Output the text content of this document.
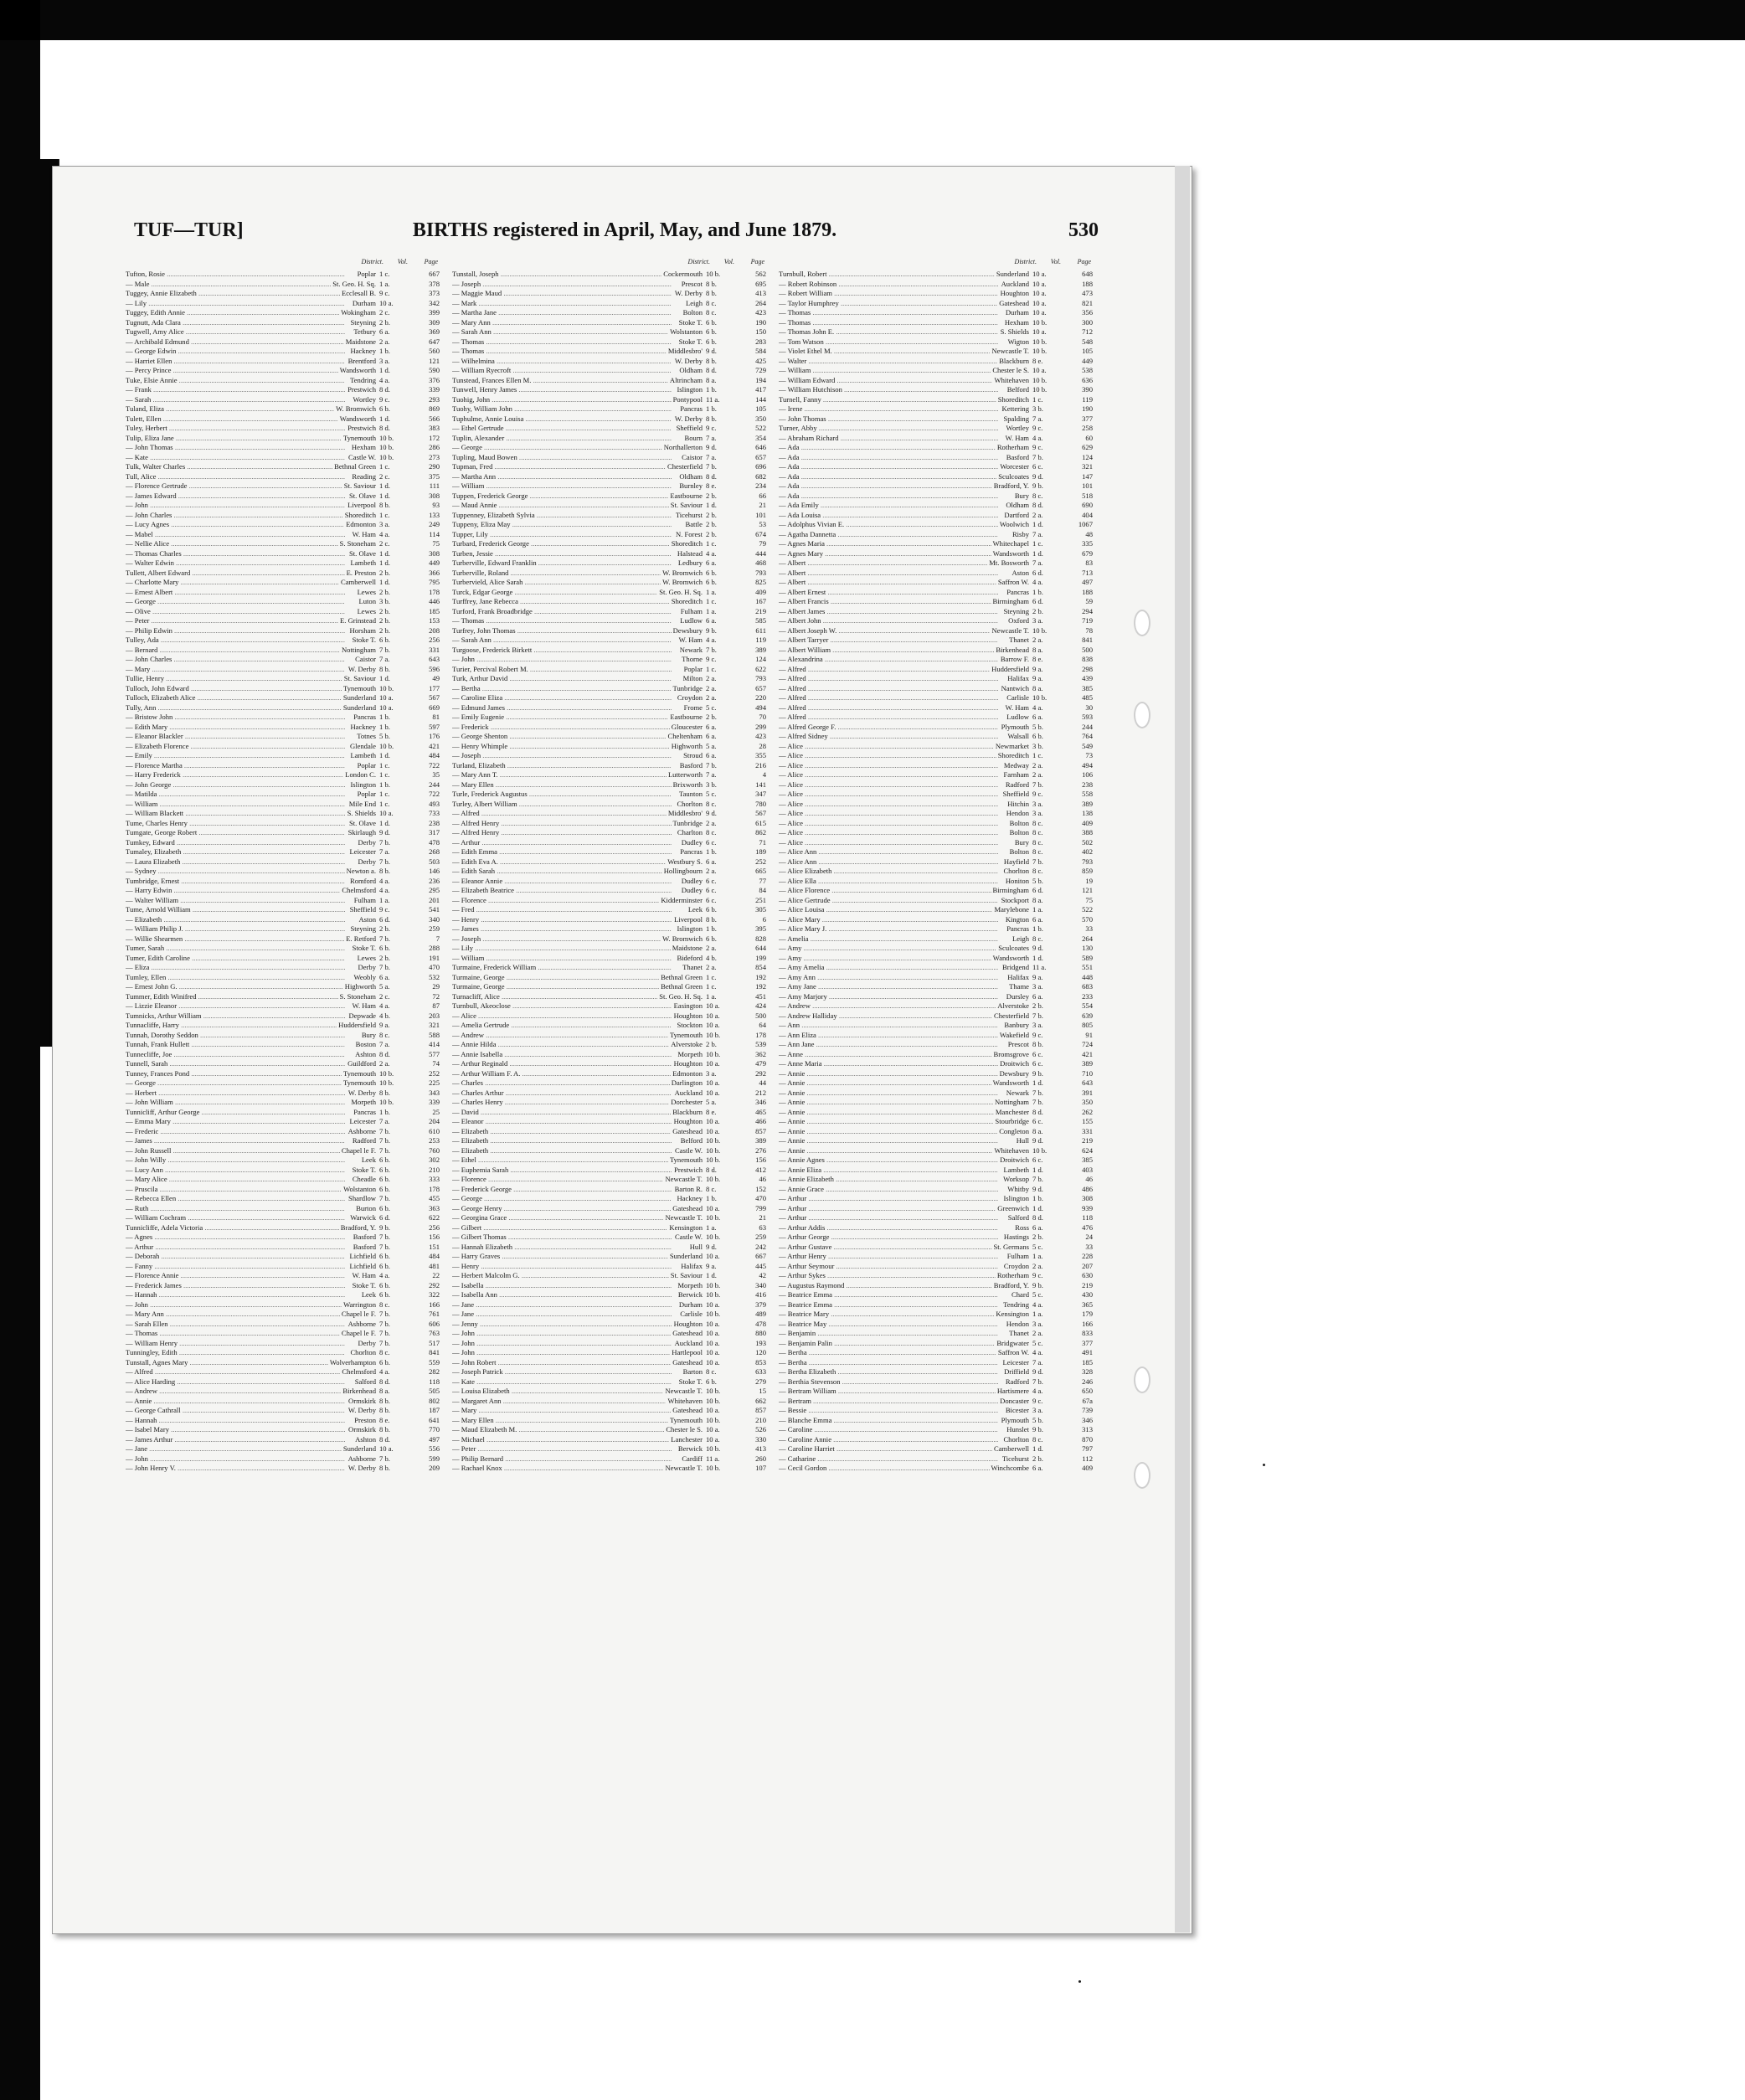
TUF—TUR]	BIRTHS registered in April, May, and June 1879.	530
District. Vol. Page
Tufton, Rosie .....	Poplar 1 c.	667
— Male .....	St. Geo. H. Sq. 1 a.	378
Tuggey, Annie Elizabeth .....	Ecclesall B. 9 c.	373
— Lily .....	Durham 10 a.	342
Tuggey, Edith Annie .....	Wokingham 2 c.	399
Tugnutt, Ada Clara .....	Steyning 2 b.	309
Tugwell, Amy Alice .....	Tetbury 6 a.	369
— Archibald Edmund .....	Maidstone 2 a.	647
— George Edwin .....	Hackney 1 b.	560
— Harriet Ellen .....	Brentford 3 a.	121
— Percy Prince .....	Wandsworth 1 d.	590
Tuke, Elsie Annie .....	Tendring 4 a.	376
— Frank .....	Prestwich 8 d.	339
— Sarah .....	Wortley 9 c.	293
Tuland, Eliza .....	W. Bromwich 6 b.	869
Tulett, Ellen .....	Wandsworth 1 d.	566
Tuley, Herbert .....	Prestwich 8 d.	383
Tulip, Eliza Jane .....	Tynemouth 10 b.	172
— John Thomas .....	Hexham 10 b.	286
— Kate .....	Castle W. 10 b.	273
Tulk, Walter Charles .....	Bethnal Green 1 c.	290
Tull, Alice .....	Reading 2 c.	375
— Florence Gertrude .....	St. Saviour 1 d.	111
— James Edward .....	St. Olave 1 d.	308
— John .....	Liverpool 8 b.	93
— John Charles .....	Shoreditch 1 c.	133
— Lucy Agnes .....	Edmonton 3 a.	249
— Mabel .....	W. Ham 4 a.	114
— Nellie Alice .....	S. Stoneham 2 c.	75
— Thomas Charles .....	St. Olave 1 d.	308
— Walter Edwin .....	Lambeth 1 d.	449
Tullett, Albert Edward .....	E. Preston 2 b.	366
— Charlotte Mary .....	Camberwell 1 d.	795
— Ernest Albert .....	Lewes 2 b.	178
— George .....	Luton 3 b.	446
— Olive .....	Lewes 2 b.	185
— Peter .....	E. Grinstead 2 b.	153
— Philip Edwin .....	Horsham 2 b.	208
Tulley, Ada .....	Stoke T. 6 b.	256
— Bernard .....	Nottingham 7 b.	331
— John Charles .....	Caistor 7 a.	643
— Mary .....	W. Derby 8 b.	596
Tullie, Henry .....	St. Saviour 1 d.	49
Tulloch, John Edward .....	Tynemouth 10 b.	177
Tulloch, Elizabeth Alice .....	Sunderland 10 a.	567
Tully, Ann .....	Sunderland 10 a.	669
— Bristow John .....	Pancras 1 b.	81
— Edith Mary .....	Hackney 1 b.	597
— Eleanor Blackler .....	Totnes 5 b.	176
— Elizabeth Florence .....	Glendale 10 b.	421
— Emily .....	Lambeth 1 d.	484
— Florence Martha .....	Poplar 1 c.	722
— Harry Frederick .....	London C. 1 c.	35
— John George .....	Islington 1 b.	244
— Matilda .....	Poplar 1 c.	722
— William .....	Mile End 1 c.	493
— William Blackett .....	S. Shields 10 a.	733
Tume, Charles Henry .....	St. Olave 1 d.	238
Tumgate, George Robert .....	Skirlaugh 9 d.	317
Tumkey, Edward .....	Derby 7 b.	478
Tumaley, Elizabeth .....	Leicester 7 a.	268
— Laura Elizabeth .....	Derby 7 b.	503
— Sydney .....	Newton a. 8 b.	146
Tumbridge, Ernest .....	Romford 4 a.	236
— Harry Edwin .....	Chelmsford 4 a.	295
— Walter William .....	Fulham 1 a.	201
Tume, Arnold William .....	Sheffield 9 c.	541
— Elizabeth .....	Aston 6 d.	340
— William Philip J. .....	Steyning 2 b.	259
— Willie Shearmen .....	E. Retford 7 b.	7
Tumer, Sarah .....	Stoke T. 6 b.	288
Tumer, Edith Caroline .....	Lewes 2 b.	191
— Eliza .....	Derby 7 b.	470
Tumley, Ellen .....	Weobly 6 a.	532
— Ernest John G. .....	Highworth 5 a.	29
Tummer, Edith Winifred .....	S. Stoneham 2 c.	72
— Lizzie Eleanor .....	W. Ham 4 a.	87
Tumnicks, Arthur William .....	Depwade 4 b.	203
Tunnacliffe, Harry .....	Huddersfield 9 a.	321
Tunnah, Dorothy Seddon .....	Bury 8 c.	588
Tunnah, Frank Hullett .....	Boston 7 a.	414
Tunnecliffe, Joe .....	Ashton 8 d.	577
Tunnell, Sarah .....	Guildford 2 a.	74
Tunney, Frances Pond .....	Tynemouth 10 b.	252
— George .....	Tynemouth 10 b.	225
— Herbert .....	W. Derby 8 b.	343
— John William .....	Morpeth 10 b.	339
Tunnicliff, Arthur George .....	Pancras 1 b.	25
— Emma Mary .....	Leicester 7 a.	204
— Frederic .....	Ashborne 7 b.	610
— James .....	Radford 7 b.	253
— John Russell .....	Chapel le F. 7 b.	760
— John Willy .....	Leek 6 b.	302
— Lucy Ann .....	Stoke T. 6 b.	210
— Mary Alice .....	Cheadle 6 b.	333
— Pruscila .....	Wolstanton 6 b.	178
— Rebecca Ellen .....	Shardlow 7 b.	455
— Ruth .....	Burton 6 b.	363
— William Cochram .....	Warwick 6 d.	622
Tunnicliffe, Adela Victoria .....	Bradford, Y. 9 b.	256
— Agnes .....	Basford 7 b.	156
— Arthur .....	Basford 7 b.	151
— Deborah .....	Lichfield 6 b.	484
— Fanny .....	Lichfield 6 b.	481
— Florence Annie .....	W. Ham 4 a.	22
— Frederick James .....	Stoke T. 6 b.	292
— Hannah .....	Leek 6 b.	322
— John .....	Warrington 8 c.	166
— Mary Ann .....	Chapel le F. 7 b.	761
— Sarah Ellen .....	Ashborne 7 b.	606
— Thomas .....	Chapel le F. 7 b.	763
— William Henry .....	Derby 7 b.	517
Tunningley, Edith .....	Chorlton 8 c.	841
Tunstall, Agnes Mary .....	Wolverhampton 6 b.	559
— Alfred .....	Chelmsford 4 a.	282
— Alice Harding .....	Salford 8 d.	118
— Andrew .....	Birkenhead 8 a.	505
— Annie .....	Ormskirk 8 b.	802
— George Cathrall .....	W. Derby 8 b.	187
— Hannah .....	Preston 8 e.	641
— Isabel Mary .....	Ormskirk 8 b.	770
— James Arthur .....	Ashton 8 d.	497
— Jane .....	Sunderland 10 a.	556
— John .....	Ashborne 7 b.	599
— John Henry V. .....	W. Derby 8 b.	209
District. Vol. Page
Tunstall, Joseph .....	Cockermouth 10 b.	562
— Joseph .....	Prescot 8 b.	695
— Maggie Maud .....	W. Derby 8 b.	413
— Mark .....	Leigh 8 c.	264
— Martha Jane .....	Bolton 8 c.	423
— Mary Ann .....	Stoke T. 6 b.	190
— Sarah Ann .....	Wolstanton 6 b.	150
— Thomas .....	Stoke T. 6 b.	283
— Thomas .....	Middlesbro' 9 d.	584
— Wilhelmina .....	W. Derby 8 b.	425
— William Ryecroft .....	Oldham 8 d.	729
Tunstead, Frances Ellen M. .....	Altrincham 8 a.	194
Tunwell, Henry James .....	Islington 1 b.	417
Tuohig, John .....	Pontypool 11 a.	144
Tuohy, William John .....	Pancras 1 b.	105
Tuphulme, Annie Louisa .....	W. Derby 8 b.	350
— Ethel Gertrude .....	Sheffield 9 c.	522
Tuplin, Alexander .....	Bourn 7 a.	354
— George .....	Northallerton 9 d.	646
Tupling, Maud Bowen .....	Caistor 7 a.	657
Tupman, Fred .....	Chesterfield 7 b.	696
— Martha Ann .....	Oldham 8 d.	682
— William .....	Burnley 8 e.	234
Tuppen, Frederick George .....	Eastbourne 2 b.	66
— Maud Annie .....	St. Saviour 1 d.	21
Tuppenney, Elizabeth Sylvia .....	Ticehurst 2 b.	101
Tuppeny, Eliza May .....	Battle 2 b.	53
Tupper, Lily .....	N. Forest 2 b.	674
Turbard, Frederick George .....	Shoreditch 1 c.	79
Turben, Jessie .....	Halstead 4 a.	444
Turberville, Edward Franklin .....	Ledbury 6 a.	468
Turberville, Roland .....	W. Bromwich 6 b.	793
Turbervield, Alice Sarah .....	W. Bromwich 6 b.	825
Turck, Edgar George .....	St. Geo. H. Sq. 1 a.	409
Turffrey, Jane Rebecca .....	Shoreditch 1 c.	167
Turford, Frank Broadbridge .....	Fulham 1 a.	219
— Thomas .....	Ludlow 6 a.	585
Turfrey, John Thomas .....	Dewsbury 9 b.	611
— Sarah Ann .....	W. Ham 4 a.	119
Turgoose, Frederick Birkett .....	Newark 7 b.	389
— John .....	Thorne 9 c.	124
Turier, Percival Robert M. .....	Poplar 1 c.	622
Turk, Arthur David .....	Milton 2 a.	793
— Bertha .....	Tunbridge 2 a.	657
— Caroline Eliza .....	Croydon 2 a.	220
— Edmund James .....	Frome 5 c.	494
— Emily Eugenie .....	Eastbourne 2 b.	70
— Frederick .....	Gloucester 6 a.	299
— George Shenton .....	Cheltenham 6 a.	423
— Henry Whimple .....	Highworth 5 a.	28
— Joseph .....	Stroud 6 a.	355
Turland, Elizabeth .....	Basford 7 b.	216
— Mary Ann T. .....	Lutterworth 7 a.	4
— Mary Ellen .....	Brixworth 3 b.	141
Turle, Frederick Augustus .....	Taunton 5 c.	347
Turley, Albert William .....	Chorlton 8 c.	780
— Alfred .....	Middlesbro' 9 d.	567
— Alfred Henry .....	Tunbridge 2 a.	615
— Alfred Henry .....	Charlton 8 c.	862
— Arthur .....	Dudley 6 c.	71
— Edith Emma .....	Pancras 1 b.	189
— Edith Eva A. .....	Westbury S. 6 a.	252
— Edith Sarah .....	Hollingbourn 2 a.	665
— Eleanor Annie .....	Dudley 6 c.	77
— Elizabeth Beatrice .....	Dudley 6 c.	84
— Florence .....	Kidderminster 6 c.	251
— Fred .....	Leek 6 b.	305
— Henry .....	Liverpool 8 b.	6
— James .....	Islington 1 b.	395
— Joseph .....	W. Bromwich 6 b.	828
— Lily .....	Maidstone 2 a.	644
— William .....	Bideford 4 b.	199
Turmaine, Frederick William .....	Thanet 2 a.	854
Turmaine, George .....	Bethnal Green 1 c.	192
Turmaine, George .....	Bethnal Green 1 c.	192
Turnacliff, Alice .....	St. Geo. H. Sq. 1 a.	451
Turnbull, Akeoclose .....	Easington 10 a.	424
— Alice .....	Houghton 10 a.	500
— Amelia Gertrude .....	Stockton 10 a.	64
— Andrew .....	Tynemouth 10 b.	178
— Annie Hilda .....	Alverstoke 2 b.	539
— Annie Isabella .....	Morpeth 10 b.	362
— Arthur Reginald .....	Houghton 10 a.	479
— Arthur William F. A. .....	Edmonton 3 a.	292
— Charles .....	Darlington 10 a.	44
— Charles Arthur .....	Auckland 10 a.	212
— Charles Henry .....	Dorchester 5 a.	346
— David .....	Blackburn 8 e.	465
— Eleanor .....	Houghton 10 a.	466
— Elizabeth .....	Gateshead 10 a.	857
— Elizabeth .....	Belford 10 b.	389
— Elizabeth .....	Castle W. 10 b.	276
— Ethel .....	Tynemouth 10 b.	156
— Euphemia Sarah .....	Prestwich 8 d.	412
— Florence .....	Newcastle T. 10 b.	46
— Frederick George .....	Barton R. 8 c.	152
— George .....	Hackney 1 b.	470
— George Henry .....	Gateshead 10 a.	799
— Georgina Grace .....	Newcastle T. 10 b.	21
— Gilbert .....	Kensington 1 a.	63
— Gilbert Thomas .....	Castle W. 10 b.	259
— Hannah Elizabeth .....	Hull 9 d.	242
— Harry Graves .....	Sunderland 10 a.	667
— Henry .....	Halifax 9 a.	445
— Herbert Malcolm G. .....	St. Saviour 1 d.	42
— Isabella .....	Morpeth 10 b.	340
— Isabella Ann .....	Berwick 10 b.	416
— Jane .....	Durham 10 a.	379
— Jane .....	Carlisle 10 b.	489
— Jenny .....	Houghton 10 a.	478
— John .....	Gateshead 10 a.	880
— John .....	Auckland 10 a.	193
— John .....	Hartlepool 10 a.	120
— John Robert .....	Gateshead 10 a.	853
— Joseph Patrick .....	Barton 8 c.	633
— Kate .....	Stoke T. 6 b.	279
— Louisa Elizabeth .....	Newcastle T. 10 b.	15
— Margaret Ann .....	Whitehaven 10 b.	662
— Mary .....	Gateshead 10 a.	857
— Mary Ellen .....	Tynemouth 10 b.	210
— Maud Elizabeth M. .....	Chester le S. 10 a.	526
— Michael .....	Lanchester 10 a.	330
— Peter .....	Berwick 10 b.	413
— Philip Bernard .....	Cardiff 11 a.	260
— Rachael Knox .....	Newcastle T. 10 b.	107
District. Vol. Page
Turnbull, Robert .....	Sunderland 10 a.	648
— Robert Robinson .....	Auckland 10 a.	188
— Robert William .....	Houghton 10 a.	473
— Taylor Humphrey .....	Gateshead 10 a.	821
— Thomas .....	Durham 10 a.	356
— Thomas .....	Hexham 10 b.	300
— Thomas John E. .....	S. Shields 10 a.	712
— Tom Watson .....	Wigton 10 b.	548
— Violet Ethel M. .....	Newcastle T. 10 b.	105
— Walter .....	Blackburn 8 e.	449
— William .....	Chester le S. 10 a.	538
— William Edward .....	Whitehaven 10 b.	636
— William Hutchison .....	Belford 10 b.	390
Turnell, Fanny .....	Shoreditch 1 c.	119
— Irene .....	Kettering 3 b.	190
— John Thomas .....	Spalding 7 a.	377
Turner, Abby .....	Wortley 9 c.	258
— Abraham Richard .....	W. Ham 4 a.	60
— Ada .....	Rotherham 9 c.	629
— Ada .....	Basford 7 b.	124
— Ada .....	Worcester 6 c.	321
— Ada .....	Sculcoates 9 d.	147
— Ada .....	Bradford, Y. 9 b.	101
— Ada .....	Bury 8 c.	518
— Ada Emily .....	Oldham 8 d.	690
— Ada Louisa .....	Dartford 2 a.	404
— Adolphus Vivian E. .....	Woolwich 1 d.	1067
— Agatha Dannetta .....	Risby 7 a.	48
— Agnes Maria .....	Whitechapel 1 c.	335
— Agnes Mary .....	Wandsworth 1 d.	679
— Albert .....	Mt. Bosworth 7 a.	83
— Albert .....	Aston 6 d.	713
— Albert .....	Saffron W. 4 a.	497
— Albert Ernest .....	Pancras 1 b.	188
— Albert Francis .....	Birmingham 6 d.	59
— Albert James .....	Steyning 2 b.	294
— Albert John .....	Oxford 3 a.	719
— Albert Joseph W. .....	Newcastle T. 10 b.	78
— Albert Tarryer .....	Thanet 2 a.	841
— Albert William .....	Birkenhead 8 a.	500
— Alexandrina .....	Barrow F. 8 e.	838
— Alfred .....	Huddersfield 9 a.	298
— Alfred .....	Halifax 9 a.	439
— Alfred .....	Nantwich 8 a.	385
— Alfred .....	Carlisle 10 b.	485
— Alfred .....	W. Ham 4 a.	30
— Alfred .....	Ludlow 6 a.	593
— Alfred George F. .....	Plymouth 5 b.	244
— Alfred Sidney .....	Walsall 6 b.	764
— Alice .....	Newmarket 3 b.	549
— Alice .....	Shoreditch 1 c.	73
— Alice .....	Medway 2 a.	494
— Alice .....	Farnham 2 a.	106
— Alice .....	Radford 7 b.	238
— Alice .....	Sheffield 9 c.	558
— Alice .....	Hitchin 3 a.	389
— Alice .....	Hendon 3 a.	138
— Alice .....	Bolton 8 c.	409
— Alice .....	Bolton 8 c.	388
— Alice .....	Bury 8 c.	502
— Alice Ann .....	Bolton 8 c.	402
— Alice Ann .....	Hayfield 7 b.	793
— Alice Elizabeth .....	Chorlton 8 c.	859
— Alice Ella .....	Honiton 5 b.	19
— Alice Florence .....	Birmingham 6 d.	121
— Alice Gertrude .....	Stockport 8 a.	75
— Alice Louisa .....	Marylebone 1 a.	522
— Alice Mary .....	Kington 6 a.	570
— Alice Mary J. .....	Pancras 1 b.	33
— Amelia .....	Leigh 8 c.	264
— Amy .....	Sculcoates 9 d.	130
— Amy .....	Wandsworth 1 d.	589
— Amy Amelia .....	Bridgend 11 a.	551
— Amy Ann .....	Halifax 9 a.	448
— Amy Jane .....	Thame 3 a.	683
— Amy Marjory .....	Dursley 6 a.	233
— Andrew .....	Alverstoke 2 b.	554
— Andrew Halliday .....	Chesterfield 7 b.	639
— Ann .....	Banbury 3 a.	805
— Ann Eliza .....	Wakefield 9 c.	91
— Ann Jane .....	Prescot 8 b.	724
— Anne .....	Bromsgrove 6 c.	421
— Anne Maria .....	Droitwich 6 c.	389
— Annie .....	Dewsbury 9 b.	710
— Annie .....	Wandsworth 1 d.	643
— Annie .....	Newark 7 b.	391
— Annie .....	Nottingham 7 b.	350
— Annie .....	Manchester 8 d.	262
— Annie .....	Stourbridge 6 c.	155
— Annie .....	Congleton 8 a.	331
— Annie .....	Hull 9 d.	219
— Annie .....	Whitehaven 10 b.	624
— Annie Agnes .....	Droitwich 6 c.	385
— Annie Eliza .....	Lambeth 1 d.	403
— Annie Elizabeth .....	Worksop 7 b.	46
— Annie Grace .....	Whitby 9 d.	486
— Arthur .....	Islington 1 b.	308
— Arthur .....	Greenwich 1 d.	939
— Arthur .....	Salford 8 d.	118
— Arthur Addis .....	Ross 6 a.	476
— Arthur George .....	Hastings 2 b.	24
— Arthur Gustave .....	St. Germans 5 c.	33
— Arthur Henry .....	Fulham 1 a.	228
— Arthur Seymour .....	Croydon 2 a.	207
— Arthur Sykes .....	Rotherham 9 c.	630
— Augustus Raymond .....	Bradford, Y. 9 b.	219
— Beatrice Emma .....	Chard 5 c.	430
— Beatrice Emma .....	Tendring 4 a.	365
— Beatrice Mary .....	Kensington 1 a.	179
— Beatrice May .....	Hendon 3 a.	166
— Benjamin .....	Thanet 2 a.	833
— Benjamin Palin .....	Bridgwater 5 c.	377
— Bertha .....	Saffron W. 4 a.	491
— Bertha .....	Leicester 7 a.	185
— Bertha Elizabeth .....	Driffield 9 d.	328
— Berthia Stevenson .....	Radford 7 b.	246
— Bertram William .....	Hartismere 4 a.	650
— Bertram .....	Doncaster 9 c.	67a
— Bessie .....	Bicester 3 a.	739
— Blanche Emma .....	Plymouth 5 b.	346
— Caroline .....	Hunslet 9 b.	313
— Caroline Annie .....	Chorlton 8 c.	870
— Caroline Harriet .....	Camberwell 1 d.	797
— Catharine .....	Ticehurst 2 b.	112
— Cecil Gordon .....	Winchcombe 6 a.	409
